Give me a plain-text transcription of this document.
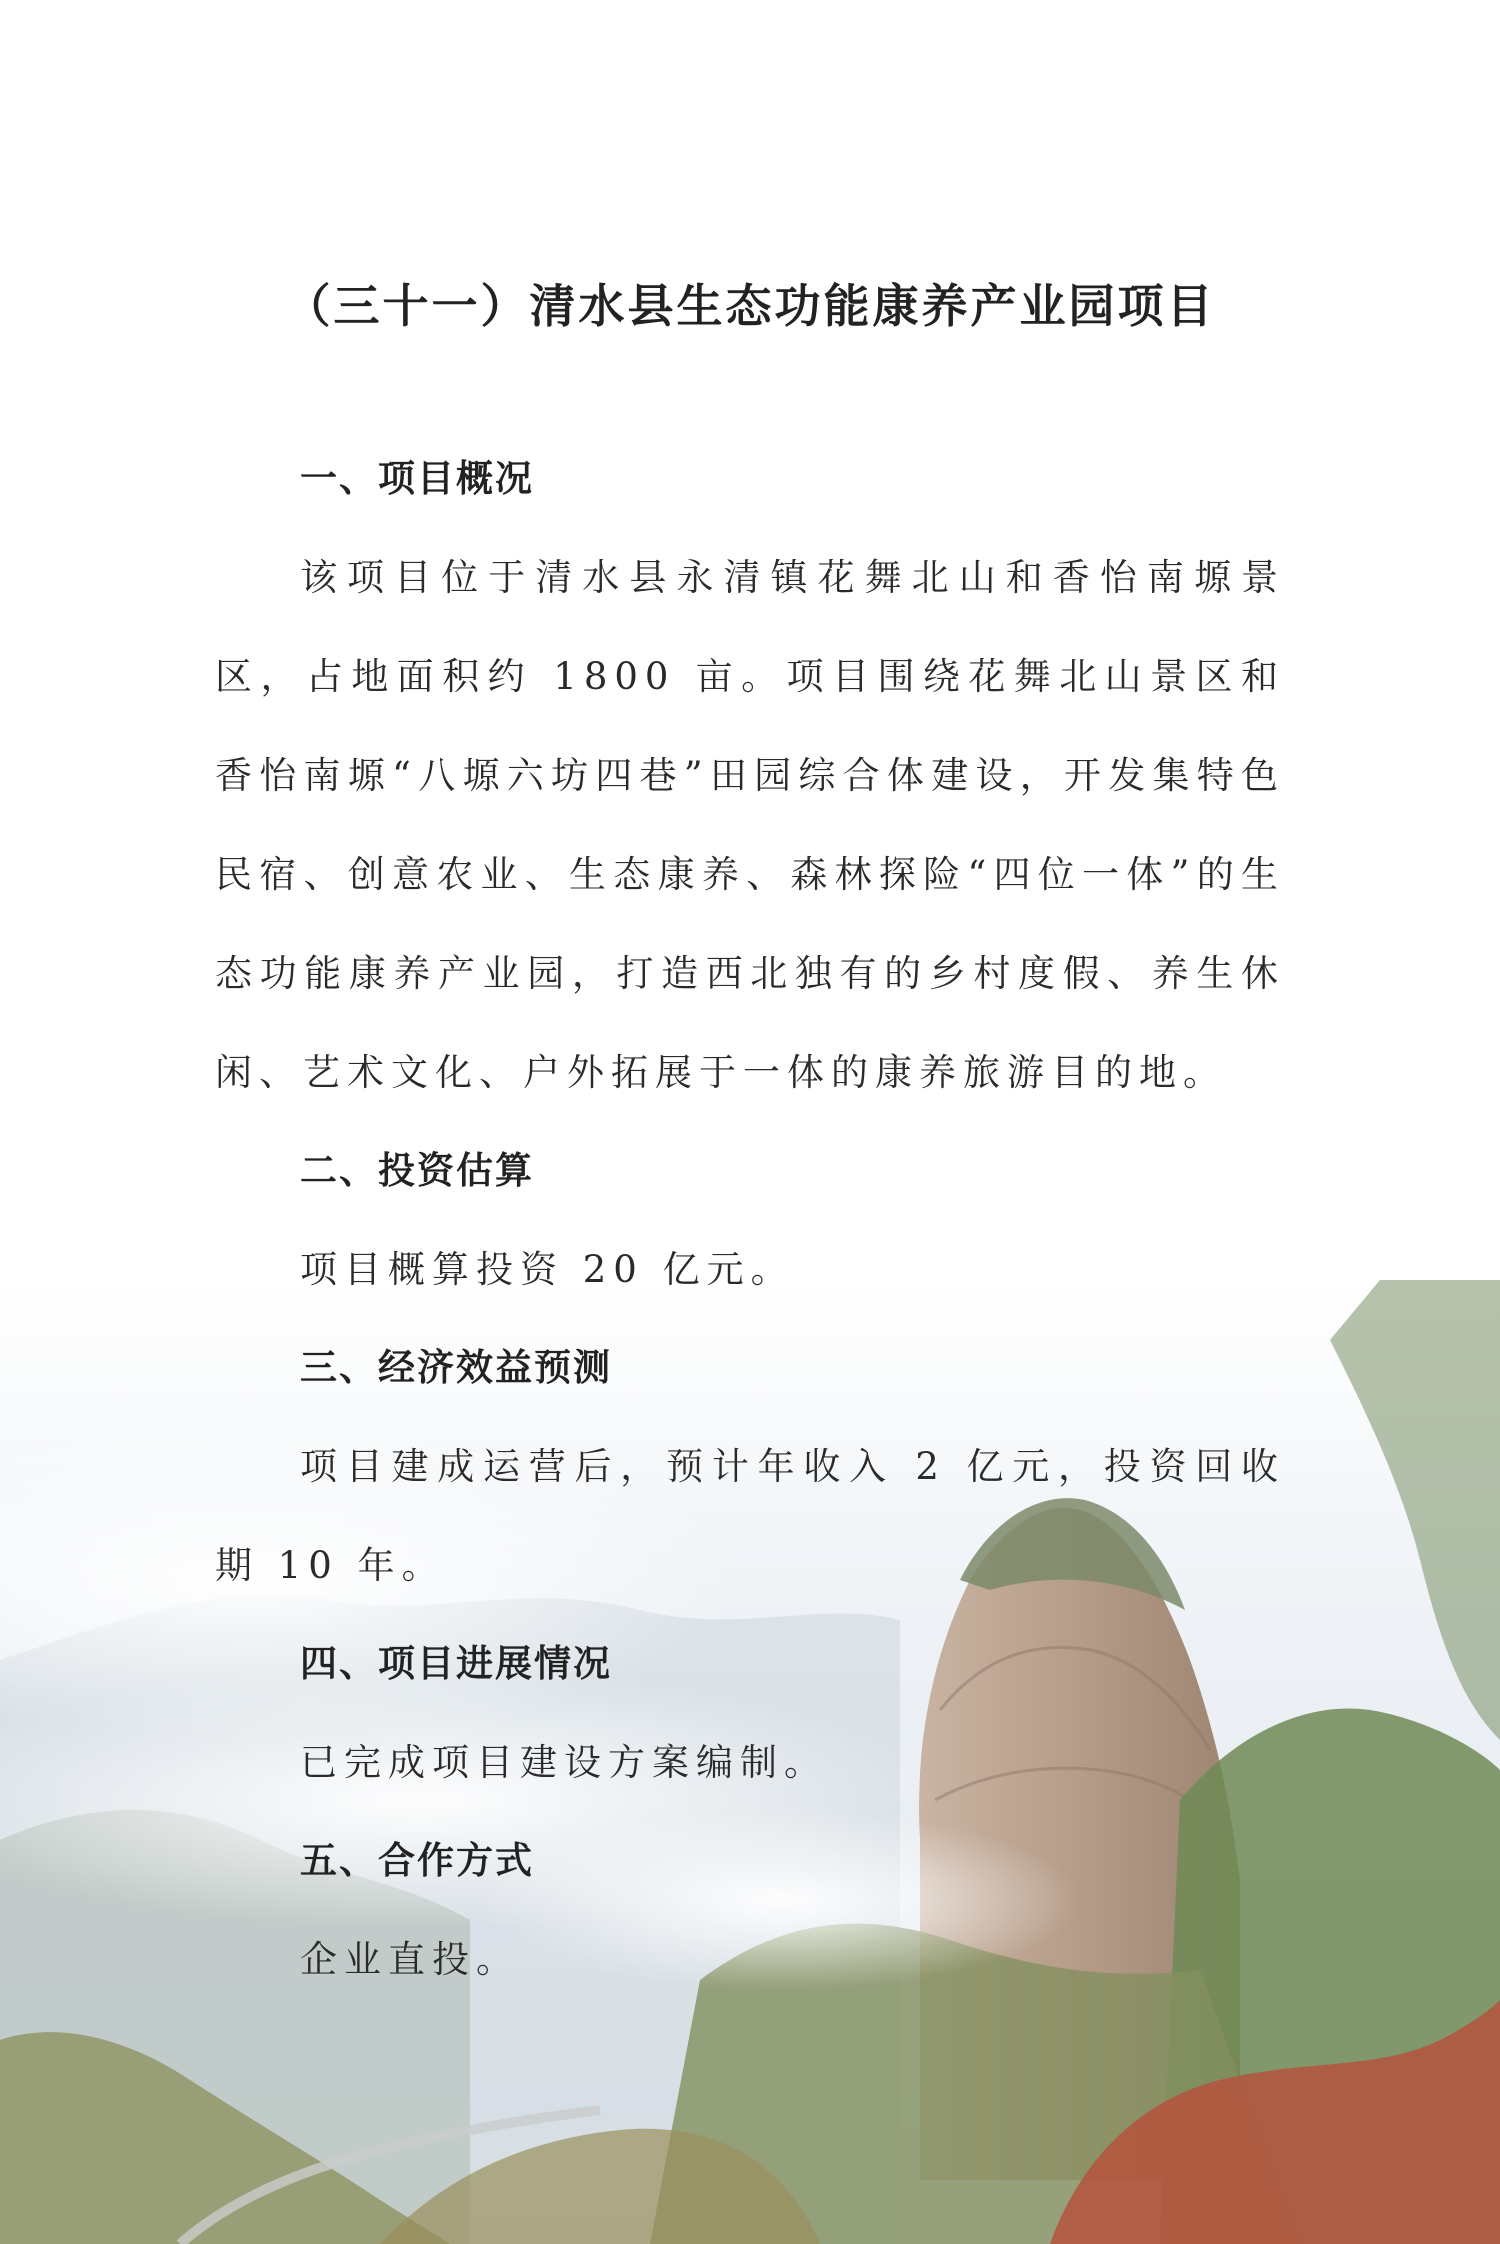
（三十一）清水县生态功能康养产业园项目
一、项目概况

该项目位于清水县永清镇花舞北山和香怡南塬景区，占地面积约 1800 亩。项目围绕花舞北山景区和香怡南塬“八塬六坊四巷”田园综合体建设，开发集特色民宿、创意农业、生态康养、森林探险“四位一体”的生态功能康养产业园，打造西北独有的乡村度假、养生休闲、艺术文化、户外拓展于一体的康养旅游目的地。

二、投资估算

项目概算投资 20 亿元。

三、经济效益预测

项目建成运营后，预计年收入 2 亿元，投资回收期 10 年。

四、项目进展情况

已完成项目建设方案编制。

五、合作方式

企业直投。
